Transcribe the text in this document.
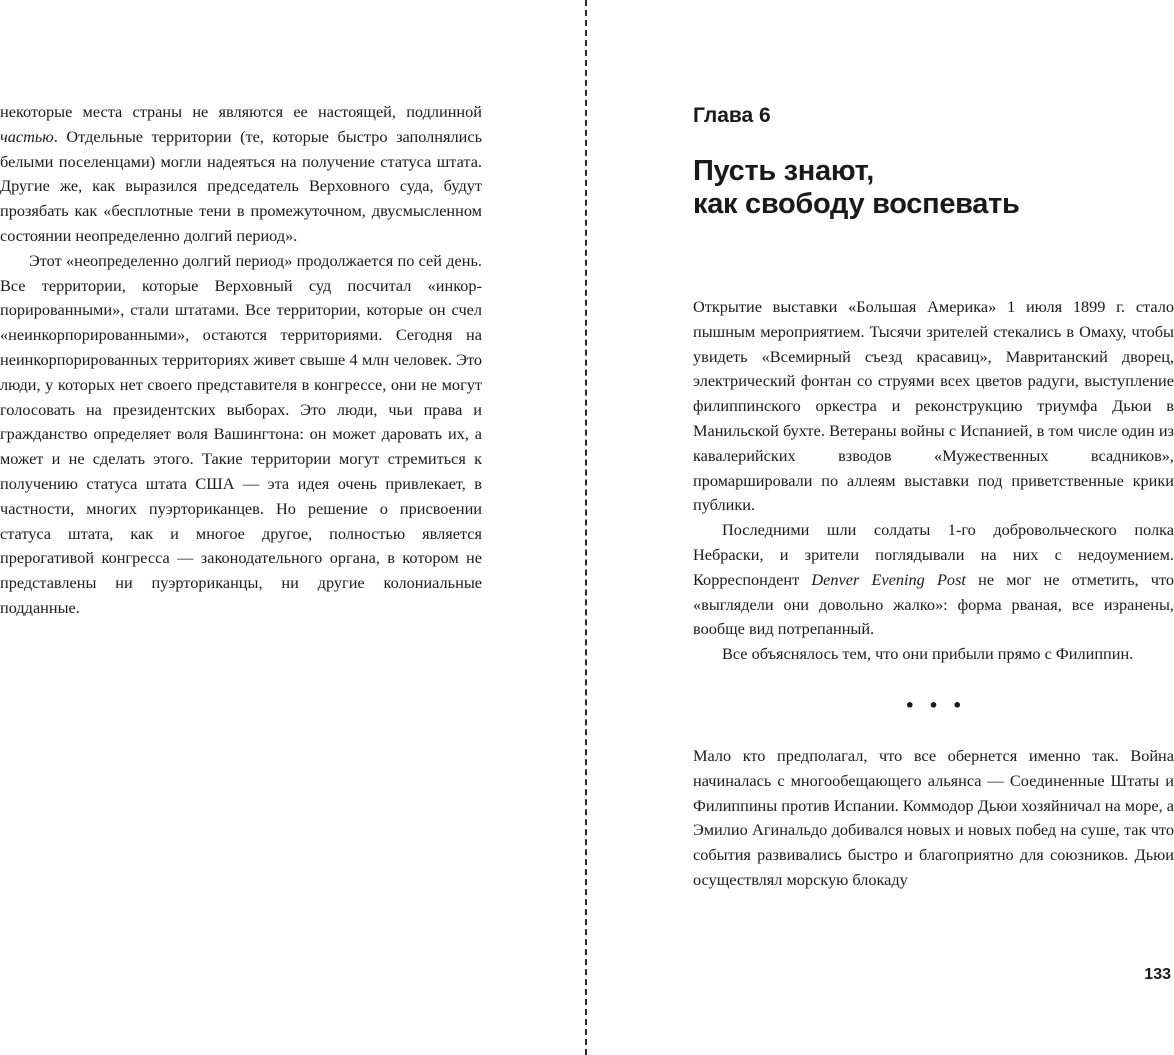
некоторые места страны не являются ее настоящей, подлинной частью. Отдельные территории (те, которые быстро заполнялись белыми поселенцами) могли надеяться на получение статуса штата. Другие же, как выразился председатель Верховного суда, будут прозябать как «бесплотные тени в промежуточном, двусмысленном состоянии неопределенно долгий период».

Этот «неопределенно долгий период» продолжается по сей день. Все территории, которые Верховный суд посчитал «инкорпорированными», стали штатами. Все территории, которые он счел «неинкорпорированными», остаются территориями. Сегодня на неинкорпорированных территориях живет свыше 4 млн человек. Это люди, у которых нет своего представителя в конгрессе, они не могут голосовать на президентских выборах. Это люди, чьи права и гражданство определяет воля Вашингтона: он может даровать их, а может и не сделать этого. Такие территории могут стремиться к получению статуса штата США — эта идея очень привлекает, в частности, многих пуэрториканцев. Но решение о присвоении статуса штата, как и многое другое, полностью является прерогативой конгресса — законодательного органа, в котором не представлены ни пуэрториканцы, ни другие колониальные подданные.

Глава 6
Пусть знают,
как свободу воспевать

Открытие выставки «Большая Америка» 1 июля 1899 г. стало пышным мероприятием. Тысячи зрителей стекались в Омаху, чтобы увидеть «Всемирный съезд красавиц», Мавританский дворец, электрический фонтан со струями всех цветов радуги, выступление филиппинского оркестра и реконструкцию триумфа Дьюи в Манильской бухте. Ветераны войны с Испанией, в том числе один из кавалерийских взводов «Мужественных всадников», промаршировали по аллеям выставки под приветственные крики публики.

Последними шли солдаты 1-го добровольческого полка Небраски, и зрители поглядывали на них с недоумением. Корреспондент Denver Evening Post не мог не отметить, что «выглядели они довольно жалко»: форма рваная, все изранены, вообще вид потрепанный.

Все объяснялось тем, что они прибыли прямо с Филиппин.

• • •

Мало кто предполагал, что все обернется именно так. Война начиналась с многообещающего альянса — Соединенные Штаты и Филиппины против Испании. Коммодор Дьюи хозяйничал на море, а Эмилио Агинальдо добивался новых и новых побед на суше, так что события развивались быстро и благоприятно для союзников. Дьюи осуществлял морскую блокаду

133
